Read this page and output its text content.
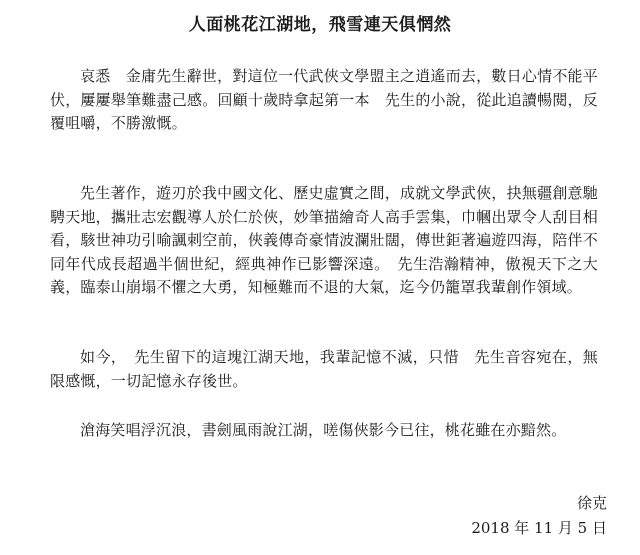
人面桃花江湖地，飛雪連天俱惘然

哀悉　金庸先生辭世，對這位一代武俠文學盟主之逍遙而去，數日心情不能平伏，屢屢舉筆難盡己感。回顧十歲時拿起第一本　先生的小說，從此追讀暢閱，反覆咀嚼，不勝激慨。

先生著作，遊刃於我中國文化、歷史虛實之間，成就文學武俠，抉無疆創意馳騁天地，攜壯志宏觀導人於仁於俠，妙筆描繪奇人高手雲集，巾幗出眾令人刮目相看，駭世神功引喻諷刺空前，俠義傳奇豪情波瀾壯闊，傳世鉅著遍遊四海，陪伴不同年代成長超過半個世紀，經典神作已影響深遠。　先生浩瀚精神，傲視天下之大義，臨泰山崩塌不懼之大勇，知極難而不退的大氣，迄今仍籠罩我輩創作領域。

如今，　先生留下的這塊江湖天地，我輩記憶不滅，只惜　先生音容宛在，無限感慨，一切記憶永存後世。

滄海笑唱浮沉浪，書劍風雨說江湖，嗟傷俠影今已往，桃花雖在亦黯然。

徐克
2018 年 11 月 5 日
